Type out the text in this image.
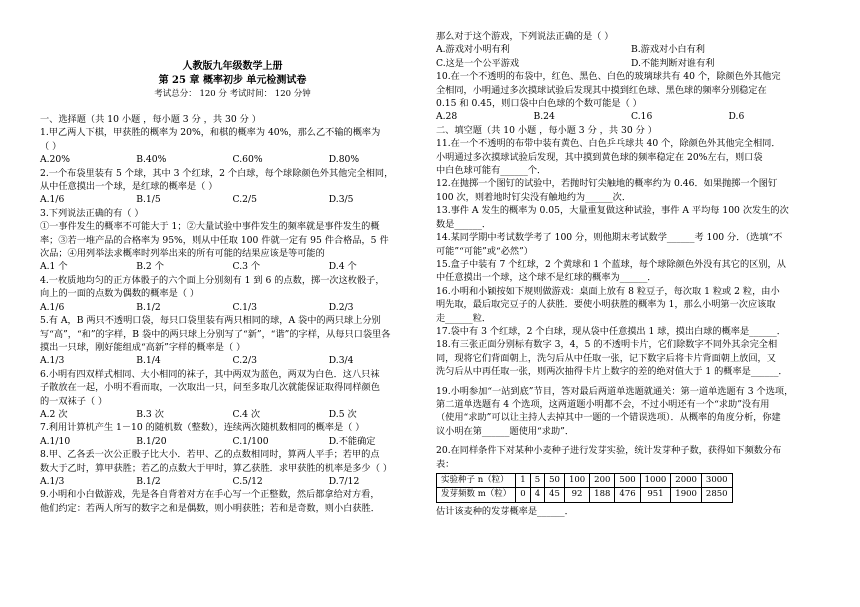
人教版九年级数学上册
第 25 章 概率初步 单元检测试卷
考试总分： 120 分 考试时间： 120 分钟
一、选择题（共 10 小题 ，每小题 3 分 ，共 30 分 ）
1.甲乙两人下棋，甲获胜的概率为 20%，和棋的概率为 40%，那么乙不输的概率为
（ ）
A.20%	B.40%	C.60%	D.80%
2.一个布袋里装有 5 个球，其中 3 个红球，2 个白球，每个球除颜色外其他完全相同，
从中任意摸出一个球，是红球的概率是（ ）
A.1/6	B.1/5	C.2/5	D.3/5
3.下列说法正确的有（ ）
①一事件发生的概率不可能大于 1；②大量试验中事件发生的频率就是事件发生的概
率；③若一堆产品的合格率为 95%，则从中任取 100 件就一定有 95 件合格品，5 件
次品；④用列举法求概率时列举出来的所有可能的结果应该是等可能的
A.1 个	B.2 个	C.3 个	D.4 个
4.一枚质地均匀的正方体骰子的六个面上分别刻有 1 到 6 的点数，掷一次这枚骰子，
向上的一面的点数为偶数的概率是（ ）
A.1/6	B.1/2	C.1/3	D.2/3
5.有 A，B 两只不透明口袋，每只口袋里装有两只相同的球，A 袋中的两只球上分别
写“高”，“和”的字样，B 袋中的两只球上分别写了“新”，“谐”的字样，从每只口袋里各
摸出一只球，刚好能组成“高新”字样的概率是（ ）
A.1/3	B.1/4	C.2/3	D.3/4
6.小明有四双样式相同、大小相同的袜子，其中两双为蓝色，两双为白色．这八只袜
子散放在一起，小明不看而取，一次取出一只，问至多取几次就能保证取得同样颜色
的一双袜子（ ）
A.2 次	B.3 次	C.4 次	D.5 次
7.利用计算机产生 1－10 的随机数（整数），连续两次随机数相同的概率是（ ）
A.1/10	B.1/20	C.1/100	D.不能确定
8.甲、乙各丢一次公正骰子比大小．若甲、乙的点数相同时，算两人平手；若甲的点
数大于乙时，算甲获胜；若乙的点数大于甲时，算乙获胜．求甲获胜的机率是多少（ ）
A.1/3	B.1/2	C.5/12	D.7/12
9.小明和小白做游戏，先是各自背着对方在手心写一个正整数，然后都拿给对方看，
他们约定：若两人所写的数字之和是偶数，则小明获胜；若和是奇数，则小白获胜．
那么对于这个游戏，下列说法正确的是（ ）
A.游戏对小明有利	B.游戏对小白有利
C.这是一个公平游戏	D.不能判断对谁有利
10.在一个不透明的布袋中，红色、黑色、白色的玻璃球共有 40 个，除颜色外其他完
全相同，小明通过多次摸球试验后发现其中摸到红色球、黑色球的频率分别稳定在
0.15 和 0.45，则口袋中白色球的个数可能是（ ）
A.28	B.24	C.16	D.6
二、填空题（共 10 小题 ，每小题 3 分 ，共 30 分 ）
11.在一个不透明的布带中装有黄色、白色乒乓球共 40 个，除颜色外其他完全相同．
小明通过多次摸球试验后发现，其中摸到黄色球的频率稳定在 20%左右，则口袋
中白色球可能有______个．
12.在抛掷一个图钉的试验中，若抛时钉尖触地的概率约为 0.46．如果抛掷一个图钉
100 次，则着地时钉尖没有触地约为______次．
13.事件 A 发生的概率为 0.05，大量重复做这种试验，事件 A 平均每 100 次发生的次
数是______．
14.某同学期中考试数学考了 100 分，则他期末考试数学______考 100 分．（选填“不
可能”“可能”或“必然”）
15.盒子中装有 7 个红球，2 个黄球和 1 个蓝球，每个球除颜色外没有其它的区别，从
中任意摸出一个球，这个球不是红球的概率为______．
16.小明和小颖按如下规则做游戏：桌面上放有 8 粒豆子，每次取 1 粒或 2 粒，由小
明先取，最后取完豆子的人获胜．要使小明获胜的概率为 1，那么小明第一次应该取
走______粒．
17.袋中有 3 个红球，2 个白球，现从袋中任意摸出 1 球，摸出白球的概率是______．
18.有三张正面分别标有数字 3，4，5 的不透明卡片，它们除数字不同外其余完全相
同，现将它们背面朝上，洗匀后从中任取一张，记下数字后将卡片背面朝上放回，又
洗匀后从中再任取一张，则两次抽得卡片上数字的差的绝对值大于 1 的概率是______．
19.小明参加“一站到底”节目，答对最后两道单选题就通关：第一道单选题有 3 个选项，
第二道单选题有 4 个选项，这两道题小明都不会，不过小明还有一个“求助”没有用
（使用“求助”可以让主持人去掉其中一题的一个错误选项）．从概率的角度分析，你建
议小明在第______题使用“求助”．
20.在同样条件下对某种小麦种子进行发芽实验，统计发芽种子数，获得如下频数分布
表：
实验种子 n（粒）	1	5	50	100	200	500	1000	2000	3000
发芽频数 m（粒）	0	4	45	92	188	476	951	1900	2850
估计该麦种的发芽概率是______．
